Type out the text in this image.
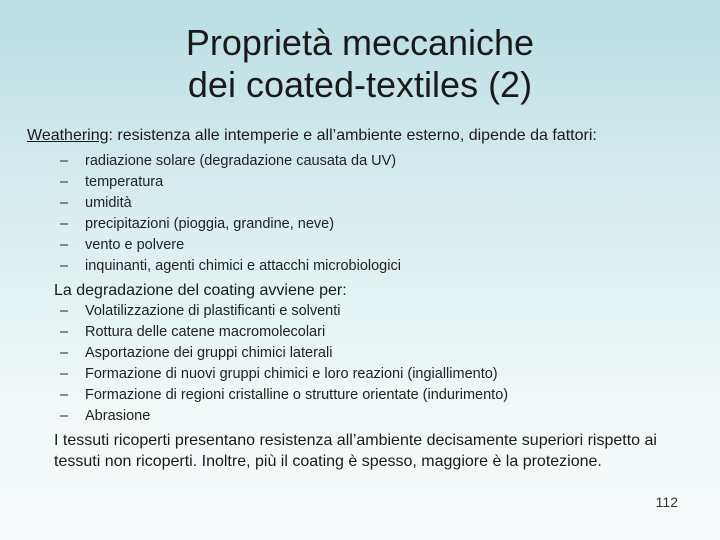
Proprietà meccaniche
dei coated-textiles (2)
Weathering: resistenza alle intemperie e all’ambiente esterno, dipende da fattori:
– radiazione solare (degradazione causata da UV)
– temperatura
– umidità
– precipitazioni (pioggia, grandine, neve)
– vento e polvere
– inquinanti, agenti chimici e attacchi microbiologici
La degradazione del coating avviene per:
– Volatilizzazione di plastificanti e solventi
– Rottura delle catene macromolecolari
– Asportazione dei gruppi chimici laterali
– Formazione di nuovi gruppi chimici e loro reazioni (ingiallimento)
– Formazione di regioni cristalline o strutture orientate (indurimento)
– Abrasione
I tessuti ricoperti presentano resistenza all’ambiente decisamente superiori rispetto ai tessuti non ricoperti. Inoltre, più il coating è spesso, maggiore è la protezione.
112
